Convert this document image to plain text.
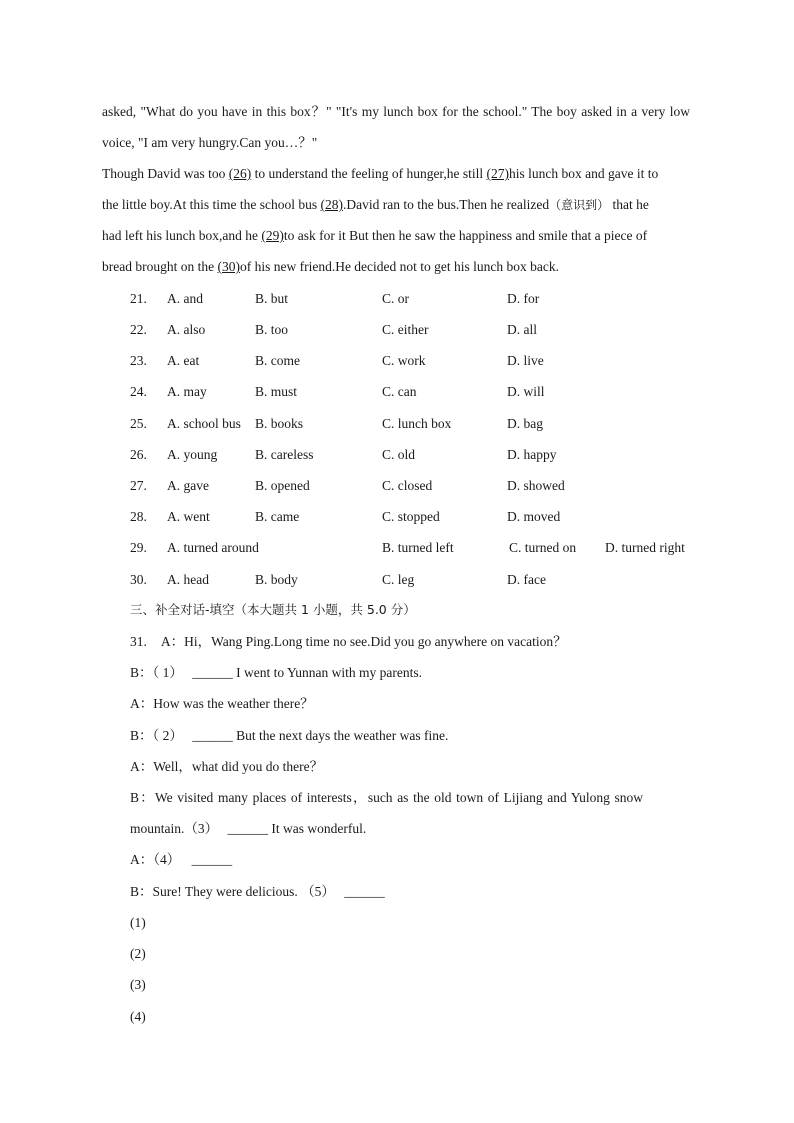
asked, "What do you have in this box？" "It's my lunch box for the school." The boy asked in a very low
voice, "I am very hungry.Can you…？"
Though David was too (26) to understand the feeling of hunger,he still (27)his lunch box and gave it to
the little boy.At this time the school bus (28).David ran to the bus.Then he realized（意识到） that he
had left his lunch box,and he (29)to ask for it But then he saw the happiness and smile that a piece of
bread brought on the (30)of his new friend.He decided not to get his lunch box back.
21. A. and	B. but	C. or	D. for
22. A. also	B. too	C. either	D. all
23. A. eat	B. come	C. work	D. live
24. A. may	B. must	C. can	D. will
25. A. school bus B. books	C. lunch box	D. bag
26. A. young	B. careless	C. old	D. happy
27. A. gave	B. opened	C. closed	D. showed
28. A. went	B. came	C. stopped	D. moved
29. A. turned around	B. turned left	C. turned on D. turned right
30. A. head	B. body	C. leg	D. face
三、补全对话-填空（本大题共 1 小题，共 5.0 分）
31. A：Hi，Wang Ping.Long time no see.Did you go anywhere on vacation？
B：（ 1） ______ I went to Yunnan with my parents.
A：How was the weather there？
B：（ 2） ______ But the next days the weather was fine.
A：Well，what did you do there？
B：We visited many places of interests，such as the old town of Lijiang and Yulong snow
mountain.（3） ______ It was wonderful.
A：（4） ______
B：Sure! They were delicious. （5） ______
(1)
(2)
(3)
(4)
